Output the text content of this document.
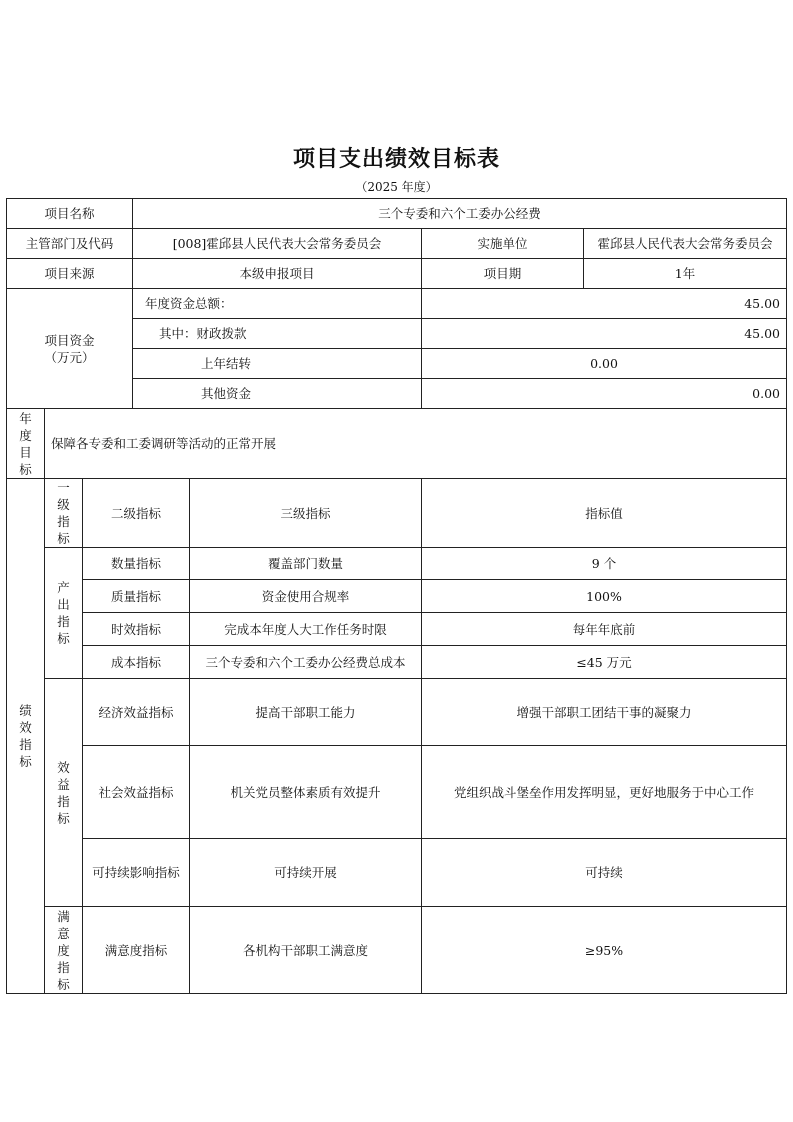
项目支出绩效目标表
（2025 年度）
项目名称			三个专委和六个工委办公经费			
主管部门及代码			[008]霍邱县人民代表大会常务委员会		实施单位	霍邱县人民代表大会常务委员会
项目来源			本级申报项目		项目期	1年

项目资金
（万元）			年度资金总额：		45.00	
			其中：财政拨款		45.00	
			上年结转		0.00	
			其他资金		0.00	

年度目标	保障各专委和工委调研等活动的正常开展					

绩效指标	一级指标	二级指标		三级指标	指标值	

	产出指标	数量指标		覆盖部门数量	9 个	
		质量指标		资金使用合规率	100%	
		时效指标		完成本年度人大工作任务时限	每年年底前	
		成本指标		三个专委和六个工委办公经费总成本	≤45 万元	

	效益指标	经济效益指标		提高干部职工能力	增强干部职工团结干事的凝聚力	
		社会效益指标		机关党员整体素质有效提升	党组织战斗堡垒作用发挥明显，更好地服务于中心工作	
		可持续影响指标		可持续开展	可持续	

	满意度指标	满意度指标		各机构干部职工满意度	≥95%	
